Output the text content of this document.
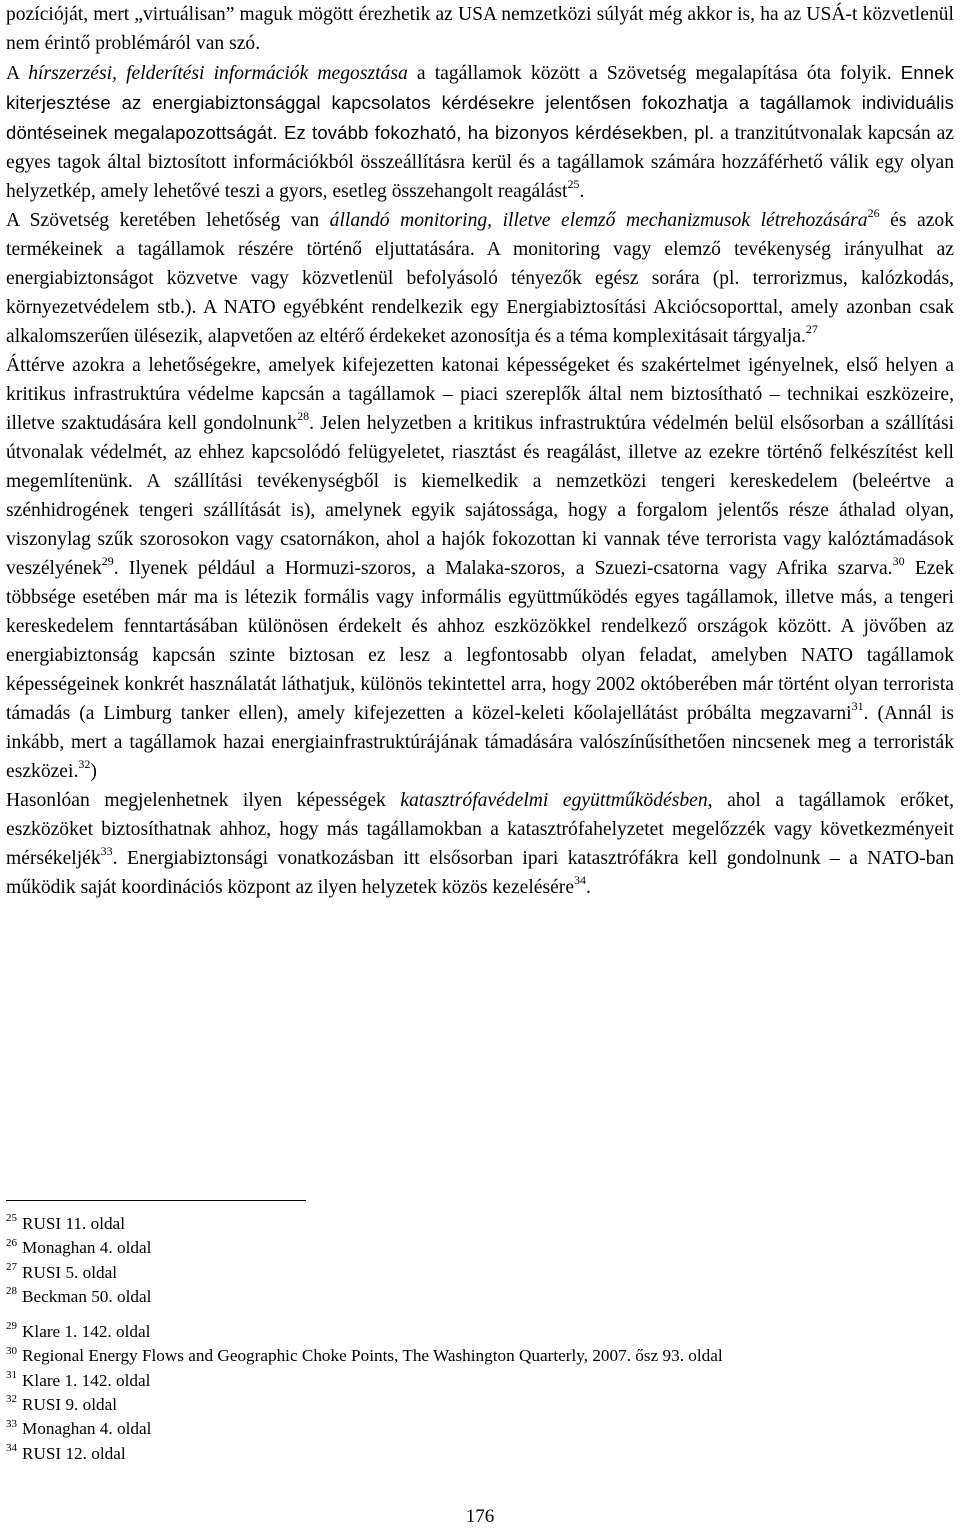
pozícióját, mert „virtuálisan” maguk mögött érezhetik az USA nemzetközi súlyát még akkor is, ha az USÁ-t közvetlenül nem érintő problémáról van szó.

A hírszerzési, felderítési információk megosztása a tagállamok között a Szövetség megalapítása óta folyik. Ennek kiterjesztése az energiabiztonsággal kapcsolatos kérdésekre jelentősen fokozhatja a tagállamok individuális döntéseinek megalapozottságát. Ez tovább fokozható, ha bizonyos kérdésekben, pl. a tranzitútvonalak kapcsán az egyes tagok által biztosított információkból összeállításra kerül és a tagállamok számára hozzáférhető válik egy olyan helyzetkép, amely lehetővé teszi a gyors, esetleg összehangolt reagálást$^{25}$.

A Szövetség keretében lehetőség van állandó monitoring, illetve elemző mechanizmusok létrehozására$^{26}$ és azok termékeinek a tagállamok részére történő eljuttatására. A monitoring vagy elemző tevékenység irányulhat az energiabiztonságot közvetve vagy közvetlenül befolyásoló tényezők egész sorára (pl. terrorizmus, kalózkodás, környezetvédelem stb.). A NATO egyébként rendelkezik egy Energiabiztosítási Akciócsoporttal, amely azonban csak alkalomszerűen ülésezik, alapvetően az eltérő érdekeket azonosítja és a téma komplexitásait tárgyalja.$^{27}$

Áttérve azokra a lehetőségekre, amelyek kifejezetten katonai képességeket és szakértelmet igényelnek, első helyen a kritikus infrastruktúra védelme kapcsán a tagállamok – piaci szereplők által nem biztosítható – technikai eszközeire, illetve szaktudására kell gondolnunk$^{28}$. Jelen helyzetben a kritikus infrastruktúra védelmén belül elsősorban a szállítási útvonalak védelmét, az ehhez kapcsolódó felügyeletet, riasztást és reagálást, illetve az ezekre történő felkészítést kell megemlítenünk. A szállítási tevékenységből is kiemelkedik a nemzetközi tengeri kereskedelem (beleértve a szénhidrogének tengeri szállítását is), amelynek egyik sajátossága, hogy a forgalom jelentős része áthalad olyan, viszonylag szűk szorosokon vagy csatornákon, ahol a hajók fokozottan ki vannak téve terrorista vagy kalóztámadások veszélyének$^{29}$. Ilyenek például a Hormuzi-szoros, a Malaka-szoros, a Szuezi-csatorna vagy Afrika szarva.$^{30}$ Ezek többsége esetében már ma is létezik formális vagy informális együttműködés egyes tagállamok, illetve más, a tengeri kereskedelem fenntartásában különösen érdekelt és ahhoz eszközökkel rendelkező országok között. A jövőben az energiabiztonság kapcsán szinte biztosan ez lesz a legfontosabb olyan feladat, amelyben NATO tagállamok képességeinek konkrét használatát láthatjuk, különös tekintettel arra, hogy 2002 októberében már történt olyan terrorista támadás (a Limburg tanker ellen), amely kifejezetten a közel-keleti kőolajellátást próbálta megzavarni$^{31}$. (Annál is inkább, mert a tagállamok hazai energiainfrastruktúrájának támadására valószínűsíthetően nincsenek meg a terroristák eszközei.$^{32}$)

Hasonlóan megjelenhetnek ilyen képességek katasztrófavédelmi együttműködésben, ahol a tagállamok erőket, eszközöket biztosíthatnak ahhoz, hogy más tagállamokban a katasztrófahelyzetet megelőzzék vagy következményeit mérsékeljék$^{33}$. Energiabiztonsági vonatkozásban itt elsősorban ipari katasztrófákra kell gondolnunk – a NATO-ban működik saját koordinációs központ az ilyen helyzetek közös kezelésére$^{34}$.

$^{25}$ RUSI 11. oldal

$^{26}$ Monaghan 4. oldal

$^{27}$ RUSI 5. oldal

$^{28}$ Beckman 50. oldal

$^{29}$ Klare 1. 142. oldal

$^{30}$ Regional Energy Flows and Geographic Choke Points, The Washington Quarterly, 2007. ősz 93. oldal

$^{31}$ Klare 1. 142. oldal

$^{32}$ RUSI 9. oldal

$^{33}$ Monaghan 4. oldal

$^{34}$ RUSI 12. oldal

176
